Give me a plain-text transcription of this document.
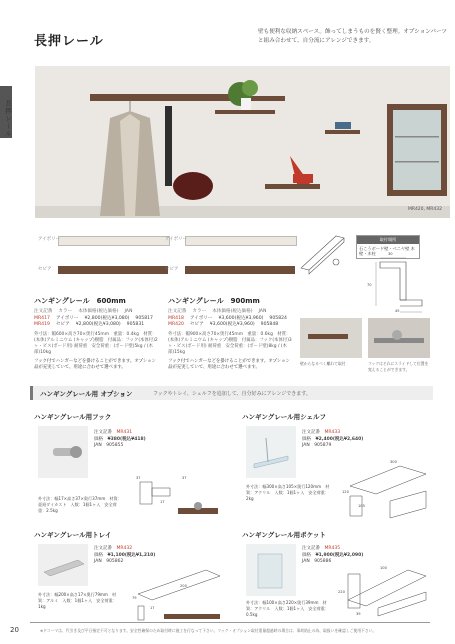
長押レール
壁も便利な収納スペース。飾ってしまうものを賢く整理。オプションパーツと組み合わせて、自分流にアレンジできます。
長押レール
MR420, MR432
アイボリー
セピア
アイボリー
セピア
取付場所
石こうボード壁・ベニヤ壁 木壁・木柱
70
45
30
ハンギングレール　600mm
注文記番 カラー 本体価格(税込価格) JAN
MR417 アイボリー ¥2,800(税込¥3,080) 905817
MR419 セピア ¥2,800(税込¥3,080) 905831
外寸法：幅600×高さ70×奥行45mm　重量：0.4kg　材質：(本体)アルミニウム (キャップ)樹脂　付属品：フック(本体付)2ヶ・ビス(ボード用) 耐荷重　安全荷重：(ボード壁)5kg / (木部)10kg
フック付でハンガーなどを掛けることができます。オプション品が充実していて、用途に合わせて選べます。
ハンギングレール　900mm
注文記番 カラー 本体価格(税込価格) JAN
MR418 アイボリー ¥3,600(税込¥3,960) 905824
MR420 セピア ¥3,600(税込¥3,960) 905848
外寸法：幅900×高さ70×奥行45mm　重量：0.6kg　材質：(本体)アルミニウム (キャップ)樹脂　付属品：フック(本体付)3ヶ・ビス(ボード用) 耐荷重　安全荷重：(ボード壁)8kg / (木部)15kg
フック付でハンガーなどを掛けることができます。オプション品が充実していて、用途に合わせて選べます。
壁からなるべく離れて取付	フックはそれにスライドして位置を変えることができます。
ハンギングレール用 オプション	フックやトレイ、シェルフを追加して、自分好みにアレンジできます。
ハンギングレール用フック
注文記番　 MR431
価格　 ¥380(税込¥418)
JAN　905855
外寸法：幅17×高さ37×奥行37mm　材質：亜鉛ダイカスト　入数：1個1ヶ入　安全荷重：2.5kg
37
17
37
ハンギングレール用シェルフ
注文記番　 MR433
価格　 ¥2,400(税込¥2,640)
JAN　905879
外寸法：幅300×高さ105×奥行120mm　材質：アクリル　入数：1個1ヶ入　安全荷重：2kg
120
105
300
ハンギングレール用トレイ
注文記番　 MR432
価格　 ¥1,100(税込¥1,210)
JAN　905862
外寸法：幅200×高さ17×奥行79mm　材質：アルミ　入数：1個1ヶ入　安全荷重：1kg
200
79
17
ハンギングレール用ポケット
注文記番　 MR435
価格　 ¥1,900(税込¥2,090)
JAN　905886
外寸法：幅100×高さ220×奥行39mm　材質：アクリル　入数：1個1ヶ入　安全荷重：0.5kg
100
220
39
20	※ドコーマは、代引き及び平日指定不可となります。安全性確保のため取付時に施工を行なって下さい。フック・オプション取付重量超過時の場合は、事故防止の為、取扱いを確認しご使用下さい。
